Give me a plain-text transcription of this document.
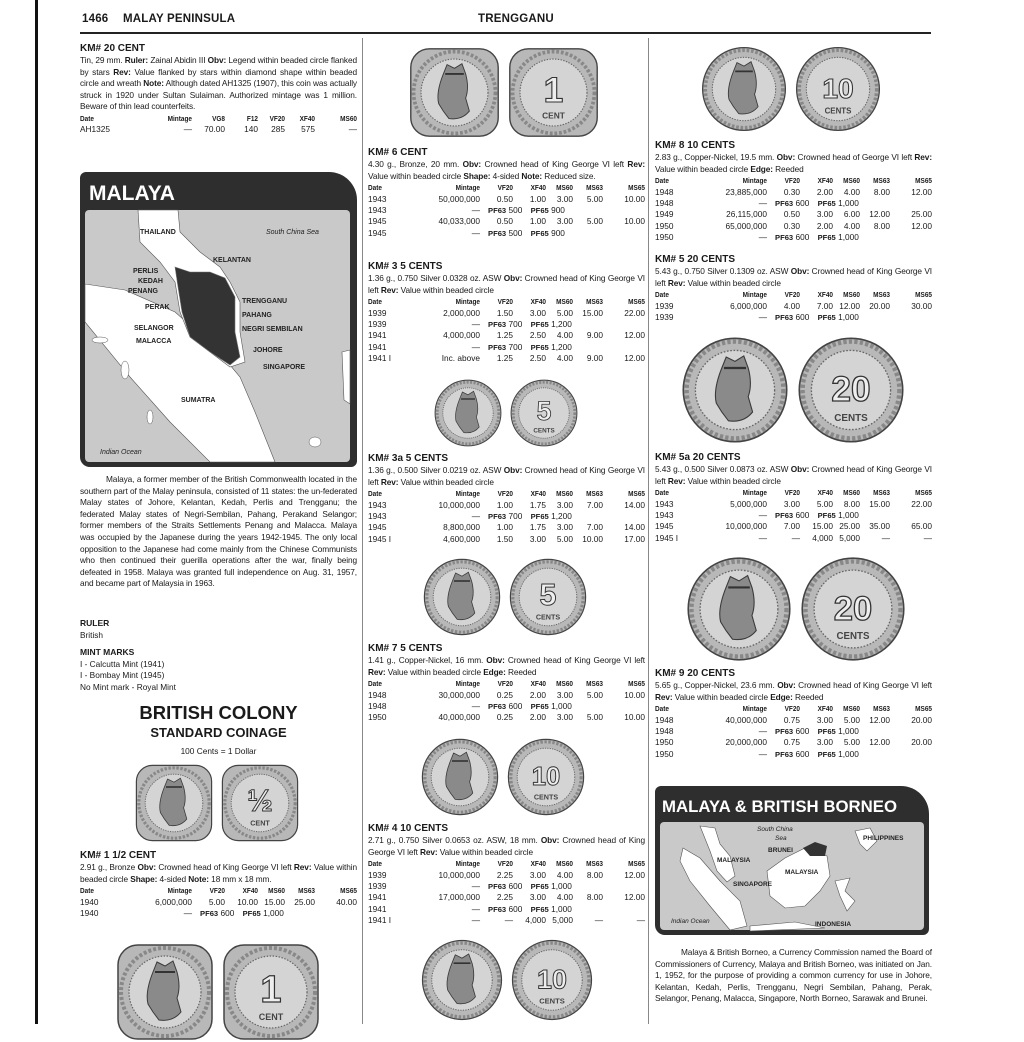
1466 MALAY PENINSULA	TRENGGANU
KM# 20 CENT
Tin, 29 mm. Ruler: Zainal Abidin III Obv: Legend within beaded circle flanked by stars Rev: Value flanked by stars within diamond shape within beaded circle and wreath Note: Although dated AH1325 (1907), this coin was actually struck in 1920 under Sultan Sulaiman. Authorized mintage was 1 million. Beware of thin lead counterfeits.
Date	Mintage	VG8	F12	VF20	XF40	MS60
AH1325	—	70.00	140	285	575	—
MALAYA
THAILAND	South China Sea
KELANTAN
PERLIS
KEDAH
PENANG
PERAK
SELANGOR
MALACCA
TRENGGANU
PAHANG
NEGRI SEMBILAN
JOHORE
SINGAPORE
SUMATRA
Indian Ocean
Malaya, a former member of the British Commonwealth located in the southern part of the Malay peninsula, consisted of 11 states: the un-federated Malay states of Johore, Kelantan, Kedah, Perlis and Trengganu; the federated Malay states of Negri-Sembilan, Pahang, Perakand Selangor; former members of the Straits Settlements Penang and Malacca. Malaya was occupied by the Japanese during the years 1942-1945. The only local opposition to the Japanese had come mainly from the Chinese Communists who then continued their guerilla operations after the war, finally being defeated in 1958. Malaya was granted full independence on Aug. 31, 1957, and became part of Malaysia in 1963.
RULER
British
MINT MARKS
I - Calcutta Mint (1941)
I - Bombay Mint (1945)
No Mint mark - Royal Mint
BRITISH COLONY
STANDARD COINAGE
100 Cents = 1 Dollar
½
CENT
KM# 1 1/2 CENT
2.91 g., Bronze Obv: Crowned head of King George VI left Rev: Value within beaded circle Shape: 4-sided Note: 18 mm x 18 mm.
Date	Mintage	VF20	XF40	MS60	MS63	MS65
1940	6,000,000	5.00	10.00 15.00	25.00	40.00
1940	—	PF63 600  PF65 1,000
1
CENT
1
CENT
KM# 6 CENT
4.30 g., Bronze, 20 mm. Obv: Crowned head of King George VI left Rev: Value within beaded circle Shape: 4-sided Note: Reduced size.
Date	Mintage	VF20	XF40	MS60	MS63	MS65
1943	50,000,000	0.50	1.00	3.00	5.00	10.00
1943	—	PF63 500  PF65 900
1945	40,033,000	0.50	1.00	3.00	5.00	10.00
1945	—	PF63 500  PF65 900
KM# 3 5 CENTS
1.36 g., 0.750 Silver 0.0328 oz. ASW Obv: Crowned head of King George VI left Rev: Value within beaded circle
Date	Mintage	VF20	XF40	MS60	MS63	MS65
1939	2,000,000	1.50	3.00	5.00	15.00	22.00
1939	—	PF63 700  PF65 1,200
1941	4,000,000	1.25	2.50	4.00	9.00	12.00
1941	—	PF63 700  PF65 1,200
1941 I	Inc. above	1.25	2.50	4.00	9.00	12.00
5
CENTS
KM# 3a 5 CENTS
1.36 g., 0.500 Silver 0.0219 oz. ASW Obv: Crowned head of King George VI left Rev: Value within beaded circle
Date	Mintage	VF20	XF40	MS60	MS63	MS65
1943	10,000,000	1.00	1.75	3.00	7.00	14.00
1943	—	PF63 700  PF65 1,200
1945	8,800,000	1.00	1.75	3.00	7.00	14.00
1945 I	4,600,000	1.50	3.00	5.00	10.00	17.00
5
CENTS
KM# 7 5 CENTS
1.41 g., Copper-Nickel, 16 mm. Obv: Crowned head of King George VI left Rev: Value within beaded circle Edge: Reeded
Date	Mintage	VF20	XF40	MS60	MS63	MS65
1948	30,000,000	0.25	2.00	3.00	5.00	10.00
1948	—	PF63 600  PF65 1,000
1950	40,000,000	0.25	2.00	3.00	5.00	10.00
10
CENTS
KM# 4 10 CENTS
2.71 g., 0.750 Silver 0.0653 oz. ASW, 18 mm. Obv: Crowned head of King George VI left Rev: Value within beaded circle
Date	Mintage	VF20	XF40	MS60	MS63	MS65
1939	10,000,000	2.25	3.00	4.00	8.00	12.00
1939	—	PF63 600  PF65 1,000
1941	17,000,000	2.25	3.00	4.00	8.00	12.00
1941	—	PF63 600  PF65 1,000
1941 I	—	—	4,000 5,000	—	—
10
CENTS
10
CENTS
KM# 8 10 CENTS
2.83 g., Copper-Nickel, 19.5 mm. Obv: Crowned head of George VI left Rev: Value within beaded circle Edge: Reeded
Date	Mintage	VF20	XF40	MS60	MS63	MS65
1948	23,885,000	0.30	2.00	4.00	8.00	12.00
1948	—	PF63 600  PF65 1,000
1949	26,115,000	0.50	3.00	6.00	12.00	25.00
1950	65,000,000	0.30	2.00	4.00	8.00	12.00
1950	—	PF63 600  PF65 1,000
KM# 5 20 CENTS
5.43 g., 0.750 Silver 0.1309 oz. ASW Obv: Crowned head of King George VI left Rev: Value within beaded circle
Date	Mintage	VF20	XF40	MS60	MS63	MS65
1939	6,000,000	4.00	7.00 12.00	20.00	30.00
1939	—	PF63 600  PF65 1,000
20
CENTS
KM# 5a 20 CENTS
5.43 g., 0.500 Silver 0.0873 oz. ASW Obv: Crowned head of King George VI left Rev: Value within beaded circle
Date	Mintage	VF20	XF40	MS60	MS63	MS65
1943	5,000,000	3.00	5.00	8.00	15.00	22.00
1943	—	PF63 600  PF65 1,000
1945	10,000,000	7.00	15.00 25.00	35.00	65.00
1945 I	—	—	4,000 5,000	—	—
20
CENTS
KM# 9 20 CENTS
5.65 g., Copper-Nickel, 23.6 mm. Obv: Crowned head of King George VI left Rev: Value within beaded circle Edge: Reeded
Date	Mintage	VF20	XF40	MS60	MS63	MS65
1948	40,000,000	0.75	3.00	5.00	12.00	20.00
1948	—	PF63 600  PF65 1,000
1950	20,000,000	0.75	3.00	5.00	12.00	20.00
1950	—	PF63 600  PF65 1,000
MALAYA & BRITISH BORNEO
South China
Sea	PHILIPPINES
BRUNEI
MALAYSIA
MALAYSIA
SINGAPORE
Indian Ocean	INDONESIA
Malaya & British Borneo, a Currency Commission named the Board of Commissioners of Currency, Malaya and British Borneo, was initiated on Jan. 1, 1952, for the purpose of providing a common currency for use in Johore, Kelantan, Kedah, Perlis, Trengganu, Negri Sembilan, Pahang, Perak, Selangor, Penang, Malacca, Singapore, North Borneo, Sarawak and Brunei.
